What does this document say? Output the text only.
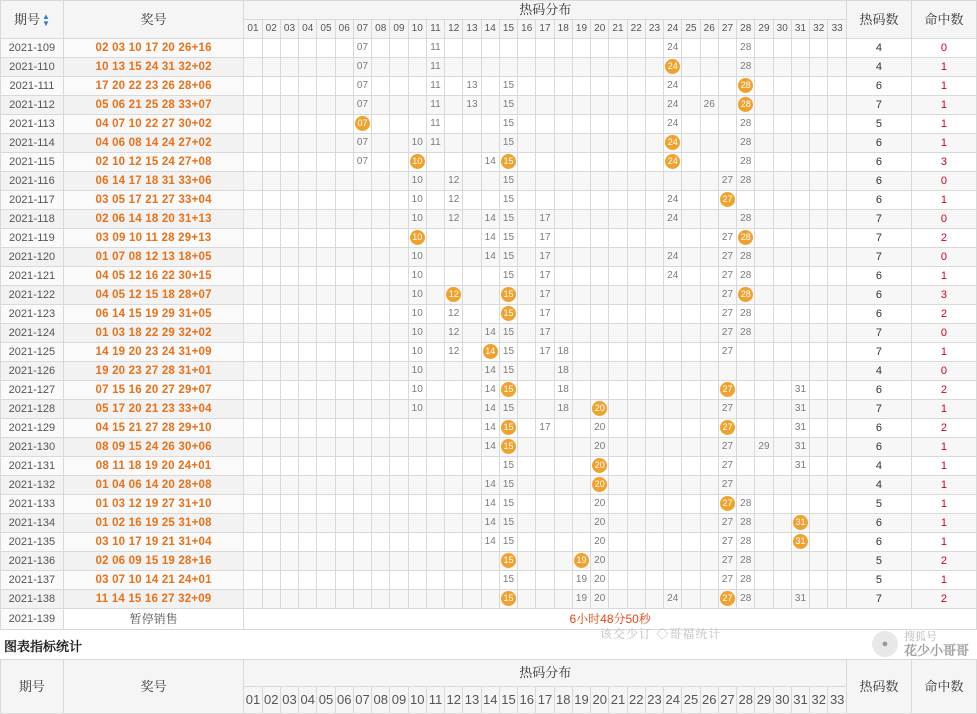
期号 ▲
▼	奖号	热码分布																																	热码数	命中数
		01	02	03	04	05	06	07	08	09	10	11	12	13	14	15	16	17	18	19	20	21	22	23	24	25	26	27	28	29	30	31	32	33		
2021-109	02 03 10 17 20 26+16							07				11													24				28						4	0
2021-110	10 13 15 24 31 32+02							07				11													24				28						4	1
2021-111	17 20 22 23 26 28+06							07				11		13		15									24				28						6	1
2021-112	05 06 21 25 28 33+07							07				11		13		15									24		26		28						7	1
2021-113	04 07 10 22 27 30+02							07				11				15									24				28						5	1
2021-114	04 06 08 14 24 27+02							07			10	11				15									24				28						6	1
2021-115	02 10 12 15 24 27+08							07			10				14	15									24				28						6	3
2021-116	06 14 17 18 31 33+06										10		12			15												27	28						6	0
2021-117	03 05 17 21 27 33+04										10		12			15									24			27							6	1
2021-118	02 06 14 18 20 31+13										10		12		14	15		17							24				28						7	0
2021-119	03 09 10 11 28 29+13										10				14	15		17										27	28						7	2
2021-120	01 07 08 12 13 18+05										10				14	15		17							24			27	28						7	0
2021-121	04 05 12 16 22 30+15										10					15		17							24			27	28						6	1
2021-122	04 05 12 15 18 28+07										10		12			15		17										27	28						6	3
2021-123	06 14 15 19 29 31+05										10		12			15		17										27	28						6	2
2021-124	01 03 18 22 29 32+02										10		12		14	15		17										27	28						7	0
2021-125	14 19 20 23 24 31+09										10		12		14	15		17	18									27							7	1
2021-126	19 20 23 27 28 31+01										10				14	15			18																4	0
2021-127	07 15 16 20 27 29+07										10				14	15			18									27				31			6	2
2021-128	05 17 20 21 23 33+04										10				14	15			18		20							27				31			7	1
2021-129	04 15 21 27 28 29+10														14	15		17			20							27				31			6	2
2021-130	08 09 15 24 26 30+06														14	15					20							27		29		31			6	1
2021-131	08 11 18 19 20 24+01															15					20							27				31			4	1
2021-132	01 04 06 14 20 28+08														14	15					20							27							4	1
2021-133	01 03 12 19 27 31+10														14	15					20							27	28						5	1
2021-134	01 02 16 19 25 31+08														14	15					20							27	28			31			6	1
2021-135	03 10 17 19 21 31+04														14	15					20							27	28			31			6	1
2021-136	02 06 09 15 19 28+16															15				19	20							27	28						5	2
2021-137	03 07 10 14 21 24+01															15				19	20							27	28						5	1
2021-138	11 14 15 16 27 32+09															15				19	20				24			27	28			31			7	2
2021-139	暂停销售	6小时48分50秒																																		
图表指标统计
期号	奖号	热码分布																																	热码数	命中数
		01	02	03	04	05	06	07	08	09	10	11	12	13	14	15	16	17	18	19	20	21	22	23	24	25	26	27	28	29	30	31	32	33		
该交少订 ◇哥福统计
●
搜狐号
花少小哥哥
